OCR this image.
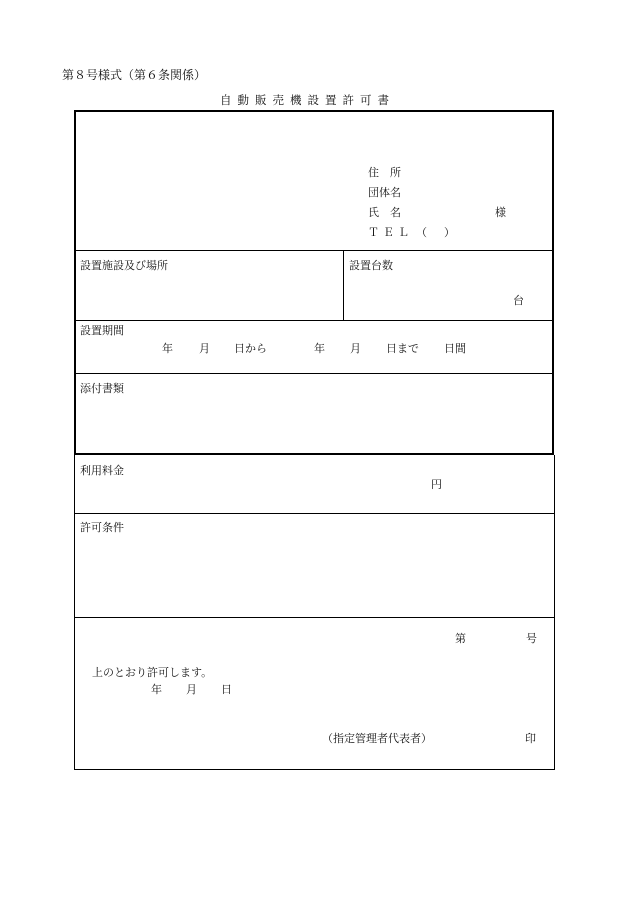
第８号様式（第６条関係）
自動販売機設置許可書
住　所
団体名
氏　名	様
ＴＥＬ （ ）
設置施設及び場所	設置台数
台
設置期間
年 月 日から	年 月 日まで 日間
添付書類
利用料金
円
許可条件
第	号
上のとおり許可します。
年 月 日
（指定管理者代表者）	印
